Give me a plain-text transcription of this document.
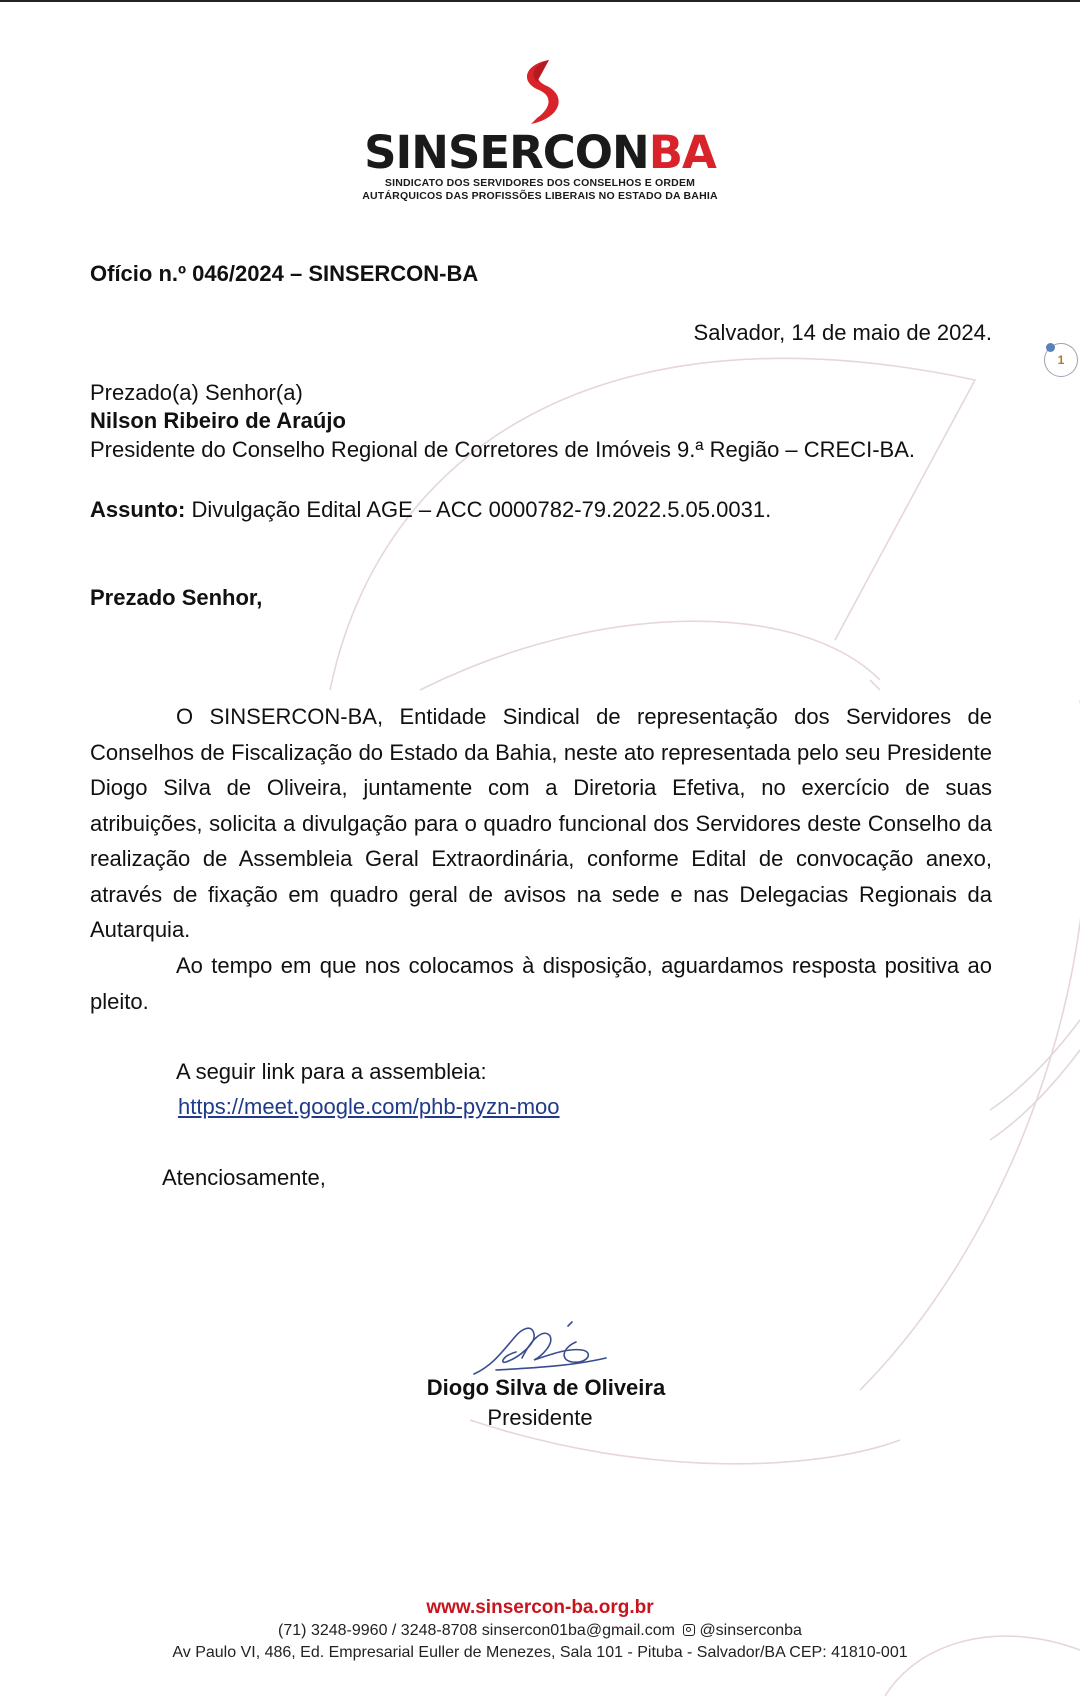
SINSERCONBA
SINDICATO DOS SERVIDORES DOS CONSELHOS E ORDEM
AUTÁRQUICOS DAS PROFISSÕES LIBERAIS NO ESTADO DA BAHIA
Ofício n.º 046/2024 – SINSERCON-BA
Salvador, 14 de maio de 2024.
1
Prezado(a) Senhor(a)
Nilson Ribeiro de Araújo
Presidente do Conselho Regional de Corretores de Imóveis 9.ª Região – CRECI-BA.
Assunto: Divulgação Edital AGE – ACC 0000782-79.2022.5.05.0031.
Prezado Senhor,
O SINSERCON-BA, Entidade Sindical de representação dos Servidores de Conselhos de Fiscalização do Estado da Bahia, neste ato representada pelo seu Presidente Diogo Silva de Oliveira, juntamente com a Diretoria Efetiva, no exercício de suas atribuições, solicita a divulgação para o quadro funcional dos Servidores deste Conselho da realização de Assembleia Geral Extraordinária, conforme Edital de convocação anexo, através de fixação em quadro geral de avisos na sede e nas Delegacias Regionais da Autarquia.
Ao tempo em que nos colocamos à disposição, aguardamos resposta positiva ao pleito.
A seguir link para a assembleia:
https://meet.google.com/phb-pyzn-moo
Atenciosamente,
Diogo Silva de Oliveira
Presidente
www.sinsercon-ba.org.br
(71) 3248-9960 / 3248-8708 sinsercon01ba@gmail.com @sinserconba
Av Paulo VI, 486, Ed. Empresarial Euller de Menezes, Sala 101 - Pituba - Salvador/BA CEP: 41810-001
